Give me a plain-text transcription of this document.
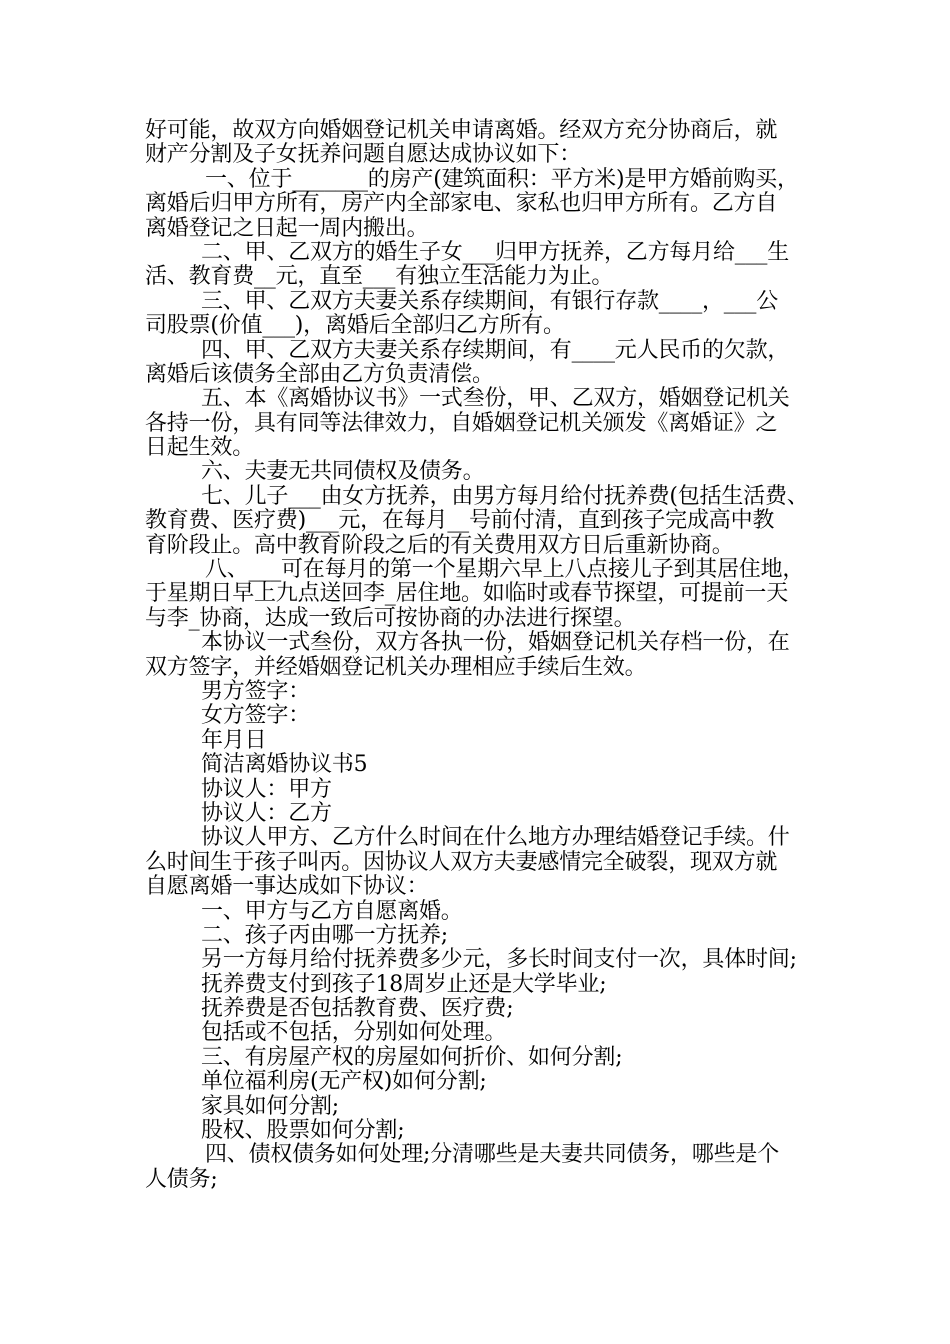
好可能，故双方向婚姻登记机关申请离婚。经双方充分协商后，就
财产分割及子女抚养问题自愿达成协议如下：
一、位于_______的房产(建筑面积：平方米)是甲方婚前购买，
离婚后归甲方所有，房产内全部家电、家私也归甲方所有。乙方自
离婚登记之日起一周内搬出。
二、甲、乙双方的婚生子女___归甲方抚养，乙方每月给___生
活、教育费__元，直至___有独立生活能力为止。
三、甲、乙双方夫妻关系存续期间，有银行存款____，___公
司股票(价值___)，离婚后全部归乙方所有。
四、甲、乙双方夫妻关系存续期间，有____元人民币的欠款，
离婚后该债务全部由乙方负责清偿。
五、本《离婚协议书》一式叁份，甲、乙双方，婚姻登记机关
各持一份，具有同等法律效力，自婚姻登记机关颁发《离婚证》之
日起生效。
六、夫妻无共同债权及债务。
七、儿子___由女方抚养，由男方每月给付抚养费(包括生活费、
教育费、医疗费)___元，在每月__号前付清，直到孩子完成高中教
育阶段止。高中教育阶段之后的有关费用双方日后重新协商。
八、___可在每月的第一个星期六早上八点接儿子到其居住地，
于星期日早上九点送回李_居住地。如临时或春节探望，可提前一天
与李_协商，达成一致后可按协商的办法进行探望。
本协议一式叁份，双方各执一份，婚姻登记机关存档一份，在
双方签字，并经婚姻登记机关办理相应手续后生效。
男方签字：
女方签字：
年月日
简洁离婚协议书5
协议人：甲方
协议人：乙方
协议人甲方、乙方什么时间在什么地方办理结婚登记手续。什
么时间生于孩子叫丙。因协议人双方夫妻感情完全破裂，现双方就
自愿离婚一事达成如下协议：
一、甲方与乙方自愿离婚。
二、孩子丙由哪一方抚养;
另一方每月给付抚养费多少元，多长时间支付一次，具体时间;
抚养费支付到孩子18周岁止还是大学毕业;
抚养费是否包括教育费、医疗费;
包括或不包括，分别如何处理。
三、有房屋产权的房屋如何折价、如何分割;
单位福利房(无产权)如何分割;
家具如何分割;
股权、股票如何分割;
四、债权债务如何处理;分清哪些是夫妻共同债务，哪些是个
人债务;
